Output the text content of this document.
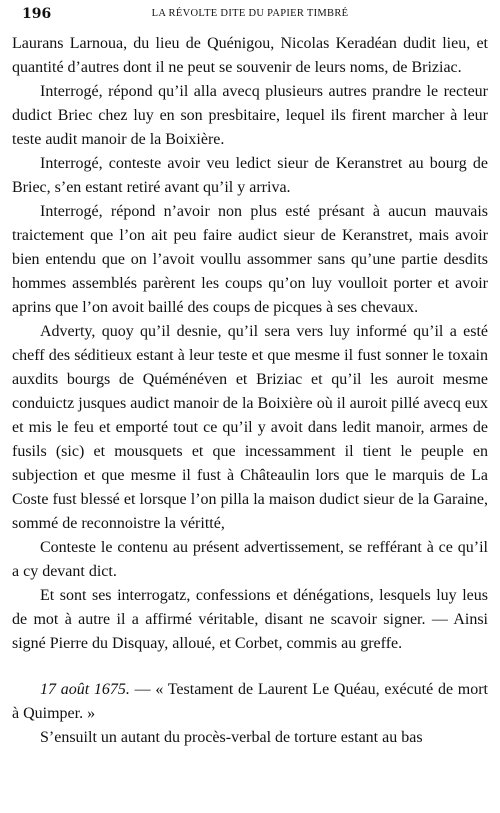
196	LA RÉVOLTE DITE DU PAPIER TIMBRÉ

Laurans Larnoua, du lieu de Quénigou, Nicolas Keradéan dudit lieu, et quantité d’autres dont il ne peut se souvenir de leurs noms, de Briziac.

Interrogé, répond qu’il alla avecq plusieurs autres prandre le recteur dudict Briec chez luy en son presbitaire, lequel ils firent marcher à leur teste audit manoir de la Boixière.

Interrogé, conteste avoir veu ledict sieur de Keranstret au bourg de Briec, s’en estant retiré avant qu’il y arriva.

Interrogé, répond n’avoir non plus esté présant à aucun mauvais traictement que l’on ait peu faire audict sieur de Keranstret, mais avoir bien entendu que on l’avoit voullu assommer sans qu’une partie desdits hommes assemblés parèrent les coups qu’on luy voulloit porter et avoir aprins que l’on avoit baillé des coups de picques à ses chevaux.

Adverty, quoy qu’il desnie, qu’il sera vers luy informé qu’il a esté cheff des séditieux estant à leur teste et que mesme il fust sonner le toxain auxdits bourgs de Quéménéven et Briziac et qu’il les auroit mesme conduictz jusques audict manoir de la Boixière où il auroit pillé avecq eux et mis le feu et emporté tout ce qu’il y avoit dans ledit manoir, armes de fusils (sic) et mousquets et que incessamment il tient le peuple en subjection et que mesme il fust à Châteaulin lors que le marquis de La Coste fust blessé et lorsque l’on pilla la maison dudict sieur de la Garaine, sommé de reconnoistre la véritté,

Conteste le contenu au présent advertissement, se refférant à ce qu’il a cy devant dict.

Et sont ses interrogatz, confessions et dénégations, lesquels luy leus de mot à autre il a affirmé véritable, disant ne scavoir signer. — Ainsi signé Pierre du Disquay, alloué, et Corbet, commis au greffe.

17 août 1675. — « Testament de Laurent Le Quéau, exécuté de mort à Quimper. »

S’ensuilt un autant du procès-verbal de torture estant au bas
